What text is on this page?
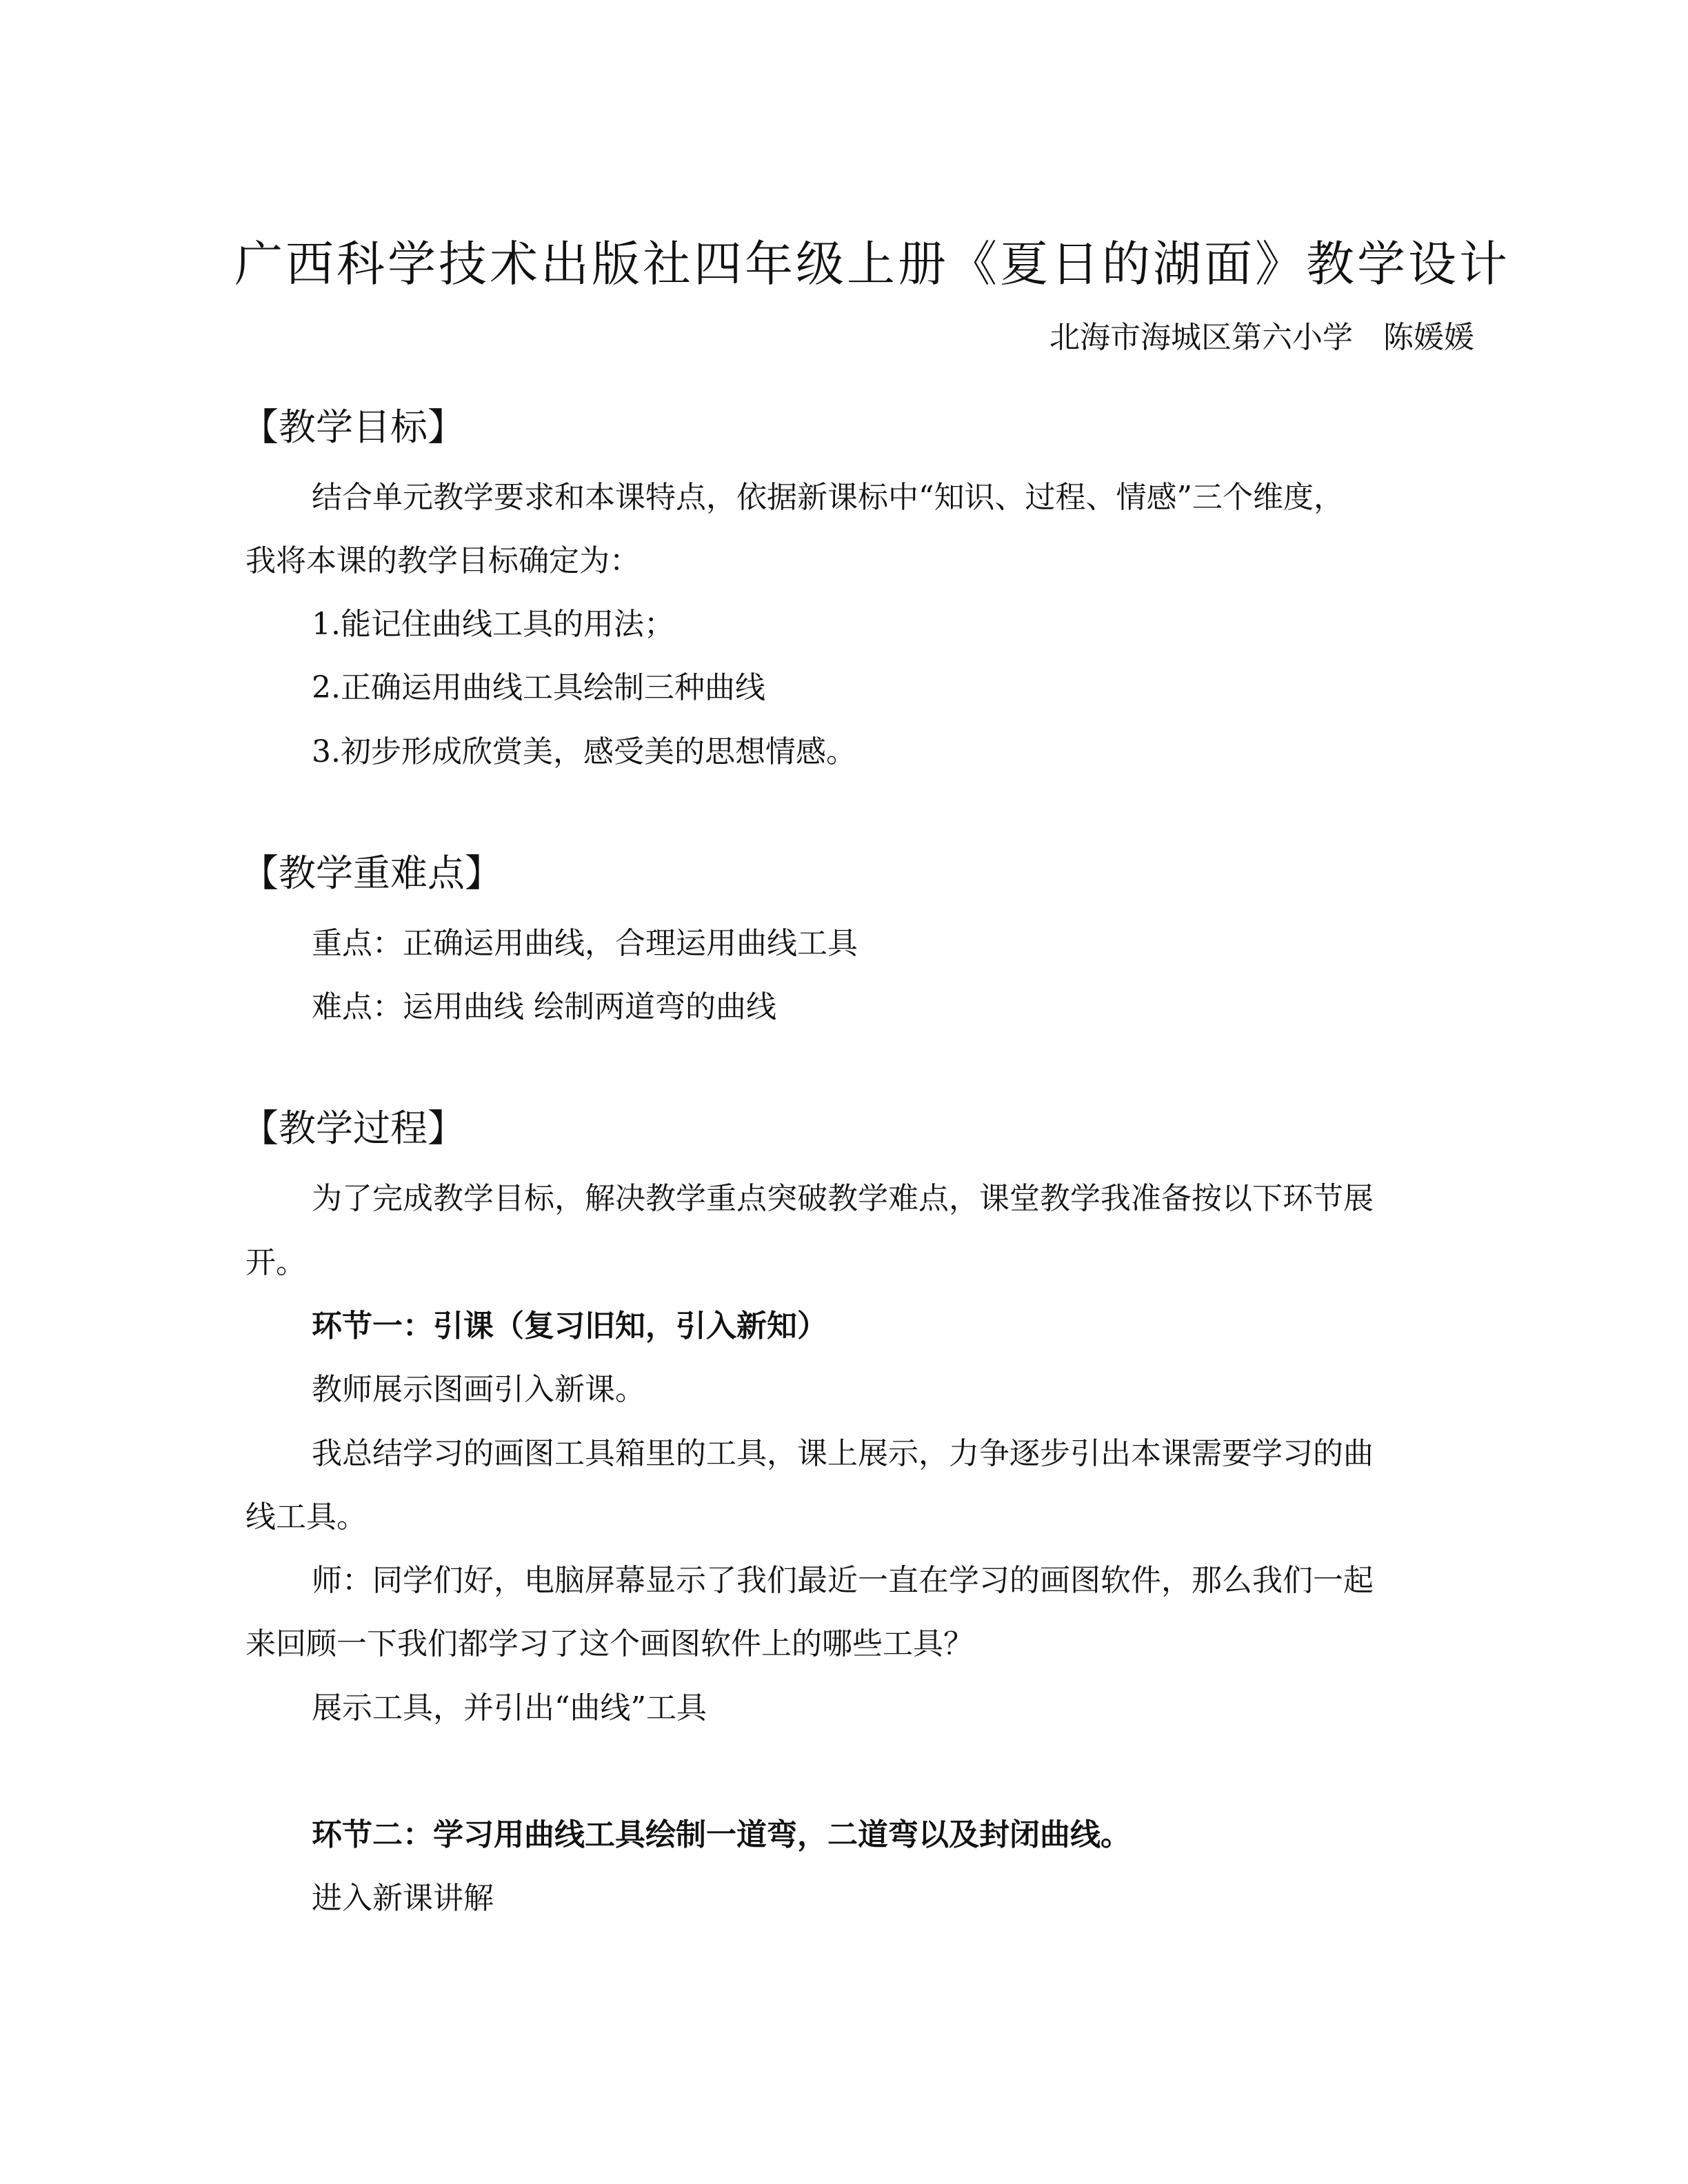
广西科学技术出版社四年级上册《夏日的湖面》教学设计
北海市海城区第六小学　陈媛媛
【教学目标】
结合单元教学要求和本课特点，依据新课标中“知识、过程、情感”三个维度，
我将本课的教学目标确定为：
1.能记住曲线工具的用法；
2.正确运用曲线工具绘制三种曲线
3.初步形成欣赏美，感受美的思想情感。
【教学重难点】
重点：正确运用曲线，合理运用曲线工具
难点：运用曲线 绘制两道弯的曲线
【教学过程】
为了完成教学目标，解决教学重点突破教学难点，课堂教学我准备按以下环节展
开。
环节一：引课（复习旧知，引入新知）
教师展示图画引入新课。
我总结学习的画图工具箱里的工具，课上展示，力争逐步引出本课需要学习的曲
线工具。
师：同学们好，电脑屏幕显示了我们最近一直在学习的画图软件，那么我们一起
来回顾一下我们都学习了这个画图软件上的哪些工具？
展示工具，并引出“曲线”工具
环节二：学习用曲线工具绘制一道弯，二道弯以及封闭曲线。
进入新课讲解
